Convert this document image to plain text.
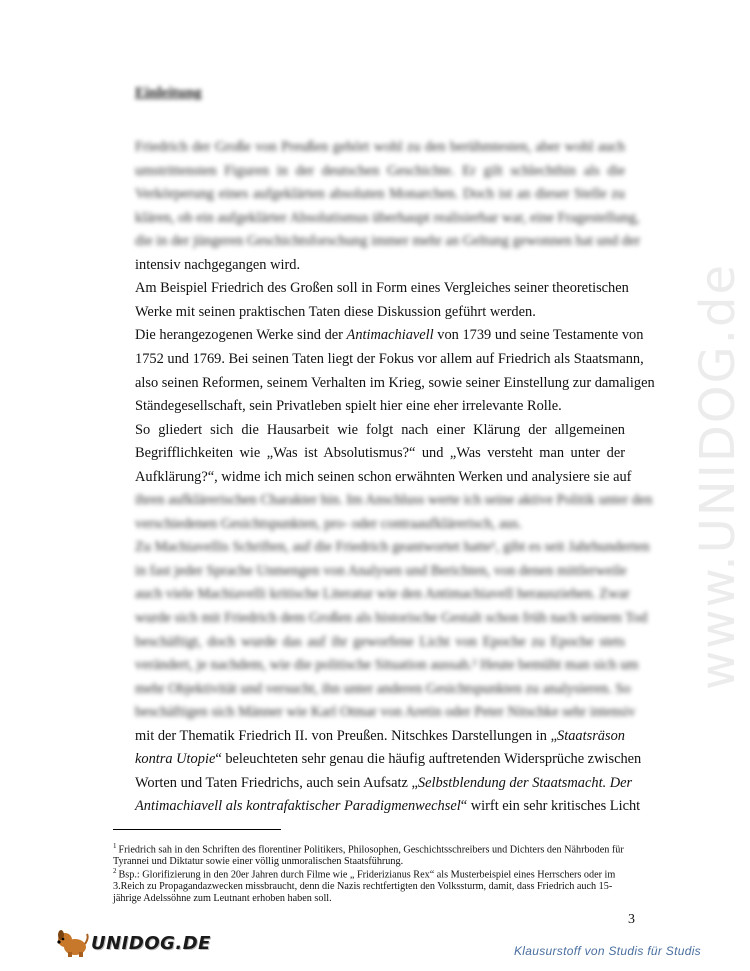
www.UNIDOG.de
Einleitung
Friedrich der Große von Preußen gehört wohl zu den berühmtesten, aber wohl auch
umstrittensten Figuren in der deutschen Geschichte. Er gilt schlechthin als die
Verkörperung eines aufgeklärten absoluten Monarchen. Doch ist an dieser Stelle zu
klären, ob ein aufgeklärter Absolutismus überhaupt realisierbar war, eine Fragestellung,
die in der jüngeren Geschichtsforschung immer mehr an Geltung gewonnen hat und der
intensiv nachgegangen wird.
Am Beispiel Friedrich des Großen soll in Form eines Vergleiches seiner theoretischen
Werke mit seinen praktischen Taten diese Diskussion geführt werden.
Die herangezogenen Werke sind der Antimachiavell von 1739 und seine Testamente von
1752 und 1769. Bei seinen Taten liegt der Fokus vor allem auf Friedrich als Staatsmann,
also seinen Reformen, seinem Verhalten im Krieg, sowie seiner Einstellung zur damaligen
Ständegesellschaft, sein Privatleben spielt hier eine eher irrelevante Rolle.
So gliedert sich die Hausarbeit wie folgt nach einer Klärung der allgemeinen
Begrifflichkeiten wie „Was ist Absolutismus?“ und „Was versteht man unter der
Aufklärung?“, widme ich mich seinen schon erwähnten Werken und analysiere sie auf
ihren aufklärerischen Charakter hin. Im Anschluss werte ich seine aktive Politik unter den
verschiedenen Gesichtspunkten, pro- oder contraaufklärerisch, aus.
Zu Machiavellis Schriften, auf die Friedrich geantwortet hatte¹, gibt es seit Jahrhunderten
in fast jeder Sprache Unmengen von Analysen und Berichten, von denen mittlerweile
auch viele Machiavelli kritische Literatur wie den Antimachiavell herausziehen. Zwar
wurde sich mit Friedrich dem Großen als historische Gestalt schon früh nach seinem Tod
beschäftigt, doch wurde das auf ihr geworfene Licht von Epoche zu Epoche stets
verändert, je nachdem, wie die politische Situation aussah.² Heute bemüht man sich um
mehr Objektivität und versucht, ihn unter anderen Gesichtspunkten zu analysieren. So
beschäftigen sich Männer wie Karl Otmar von Aretin oder Peter Nitschke sehr intensiv
mit der Thematik Friedrich II. von Preußen. Nitschkes Darstellungen in „Staatsräson
kontra Utopie“ beleuchteten sehr genau die häufig auftretenden Widersprüche zwischen
Worten und Taten Friedrichs, auch sein Aufsatz „Selbstblendung der Staatsmacht. Der
Antimachiavell als kontrafaktischer Paradigmenwechsel“ wirft ein sehr kritisches Licht
$^1$ Friedrich sah in den Schriften des florentiner Politikers, Philosophen, Geschichtsschreibers und Dichters den Nährboden für Tyrannei und Diktatur sowie einer völlig unmoralischen Staatsführung.
$^2$ Bsp.: Glorifizierung in den 20er Jahren durch Filme wie „ Friderizianus Rex“ als Musterbeispiel eines Herrschers oder im 3.Reich zu Propagandazwecken missbraucht, denn die Nazis rechtfertigten den Volkssturm, damit, dass Friedrich auch 15- jährige Adelssöhne zum Leutnant erhoben haben soll.
3
UNIDOG.DE	Klausurstoff von Studis für Studis
